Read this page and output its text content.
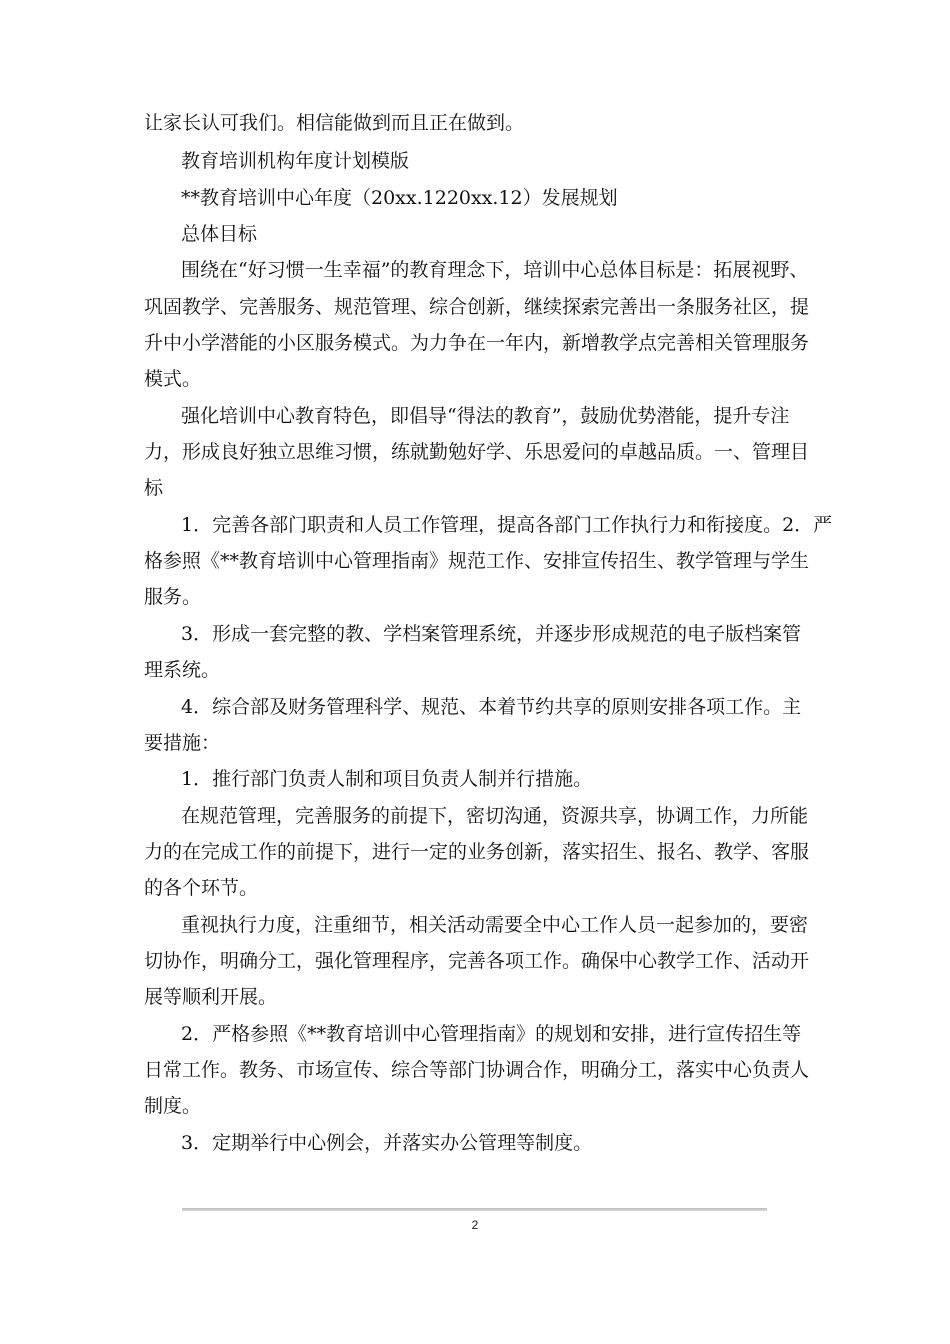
让家长认可我们。相信能做到而且正在做到。
教育培训机构年度计划模版
**教育培训中心年度（20xx.1220xx.12）发展规划
总体目标
围绕在“好习惯一生幸福”的教育理念下，培训中心总体目标是：拓展视野、
巩固教学、完善服务、规范管理、综合创新，继续探索完善出一条服务社区，提
升中小学潜能的小区服务模式。为力争在一年内，新增教学点完善相关管理服务
模式。
强化培训中心教育特色，即倡导“得法的教育”，鼓励优势潜能，提升专注
力，形成良好独立思维习惯，练就勤勉好学、乐思爱问的卓越品质。一、管理目
标
1．完善各部门职责和人员工作管理，提高各部门工作执行力和衔接度。2．严
格参照《**教育培训中心管理指南》规范工作、安排宣传招生、教学管理与学生
服务。
3．形成一套完整的教、学档案管理系统，并逐步形成规范的电子版档案管
理系统。
4．综合部及财务管理科学、规范、本着节约共享的原则安排各项工作。主
要措施：
1．推行部门负责人制和项目负责人制并行措施。
在规范管理，完善服务的前提下，密切沟通，资源共享，协调工作，力所能
力的在完成工作的前提下，进行一定的业务创新，落实招生、报名、教学、客服
的各个环节。
重视执行力度，注重细节，相关活动需要全中心工作人员一起参加的，要密
切协作，明确分工，强化管理程序，完善各项工作。确保中心教学工作、活动开
展等顺利开展。
2．严格参照《**教育培训中心管理指南》的规划和安排，进行宣传招生等
日常工作。教务、市场宣传、综合等部门协调合作，明确分工，落实中心负责人
制度。
3．定期举行中心例会，并落实办公管理等制度。
2
